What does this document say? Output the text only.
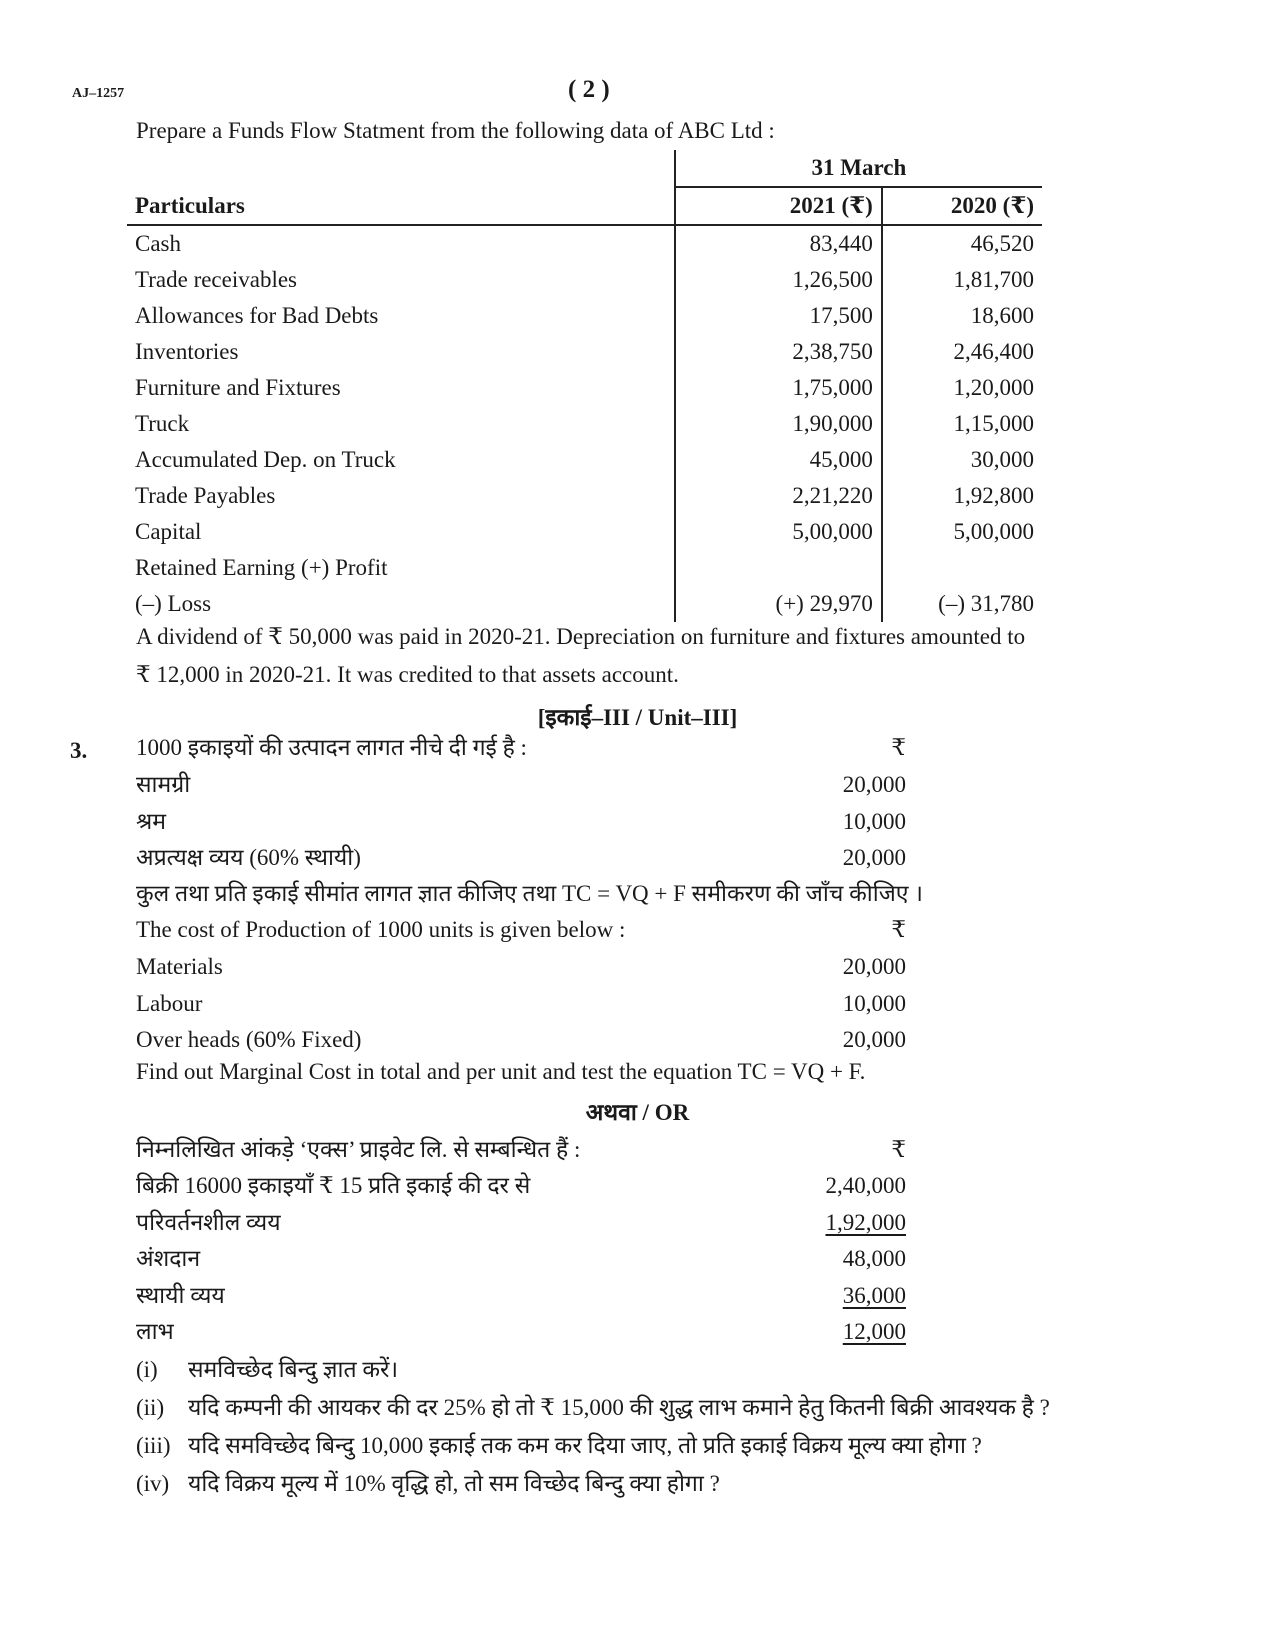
AJ–1257	( 2 )
Prepare a Funds Flow Statment from the following data of ABC Ltd :
Particulars	31 March	
	2021 (₹)	2020 (₹)
Cash	83,440	46,520
Trade receivables	1,26,500	1,81,700
Allowances for Bad Debts	17,500	18,600
Inventories	2,38,750	2,46,400
Furniture and Fixtures	1,75,000	1,20,000
Truck	1,90,000	1,15,000
Accumulated Dep. on Truck	45,000	30,000
Trade Payables	2,21,220	1,92,800
Capital	5,00,000	5,00,000
Retained Earning (+) Profit		
(–) Loss	(+) 29,970	(–) 31,780
A dividend of ₹ 50,000 was paid in 2020-21. Depreciation on furniture and fixtures amounted to
₹ 12,000 in 2020-21. It was credited to that assets account.
[इकाई–III / Unit–III]
3. 1000 इकाइयों की उत्पादन लागत नीचे दी गई है :	₹
सामग्री	20,000
श्रम	10,000
अप्रत्यक्ष व्यय (60% स्थायी)	20,000
कुल तथा प्रति इकाई सीमांत लागत ज्ञात कीजिए तथा TC = VQ + F समीकरण की जाँच कीजिए ।
The cost of Production of 1000 units is given below :	₹
Materials	20,000
Labour	10,000
Over heads (60% Fixed)	20,000
Find out Marginal Cost in total and per unit and test the equation TC = VQ + F.
अथवा / OR
निम्नलिखित आंकड़े ‘एक्स’ प्राइवेट लि. से सम्बन्धित हैं :	₹
बिक्री 16000 इकाइयाँ ₹ 15 प्रति इकाई की दर से	2,40,000
परिवर्तनशील व्यय	1,92,000
अंशदान	48,000
स्थायी व्यय	36,000
लाभ	12,000
(i) समविच्छेद बिन्दु ज्ञात करें।
(ii) यदि कम्पनी की आयकर की दर 25% हो तो ₹ 15,000 की शुद्ध लाभ कमाने हेतु कितनी बिक्री आवश्यक है ?
(iii) यदि समविच्छेद बिन्दु 10,000 इकाई तक कम कर दिया जाए, तो प्रति इकाई विक्रय मूल्य क्या होगा ?
(iv) यदि विक्रय मूल्य में 10% वृद्धि हो, तो सम विच्छेद बिन्दु क्या होगा ?
